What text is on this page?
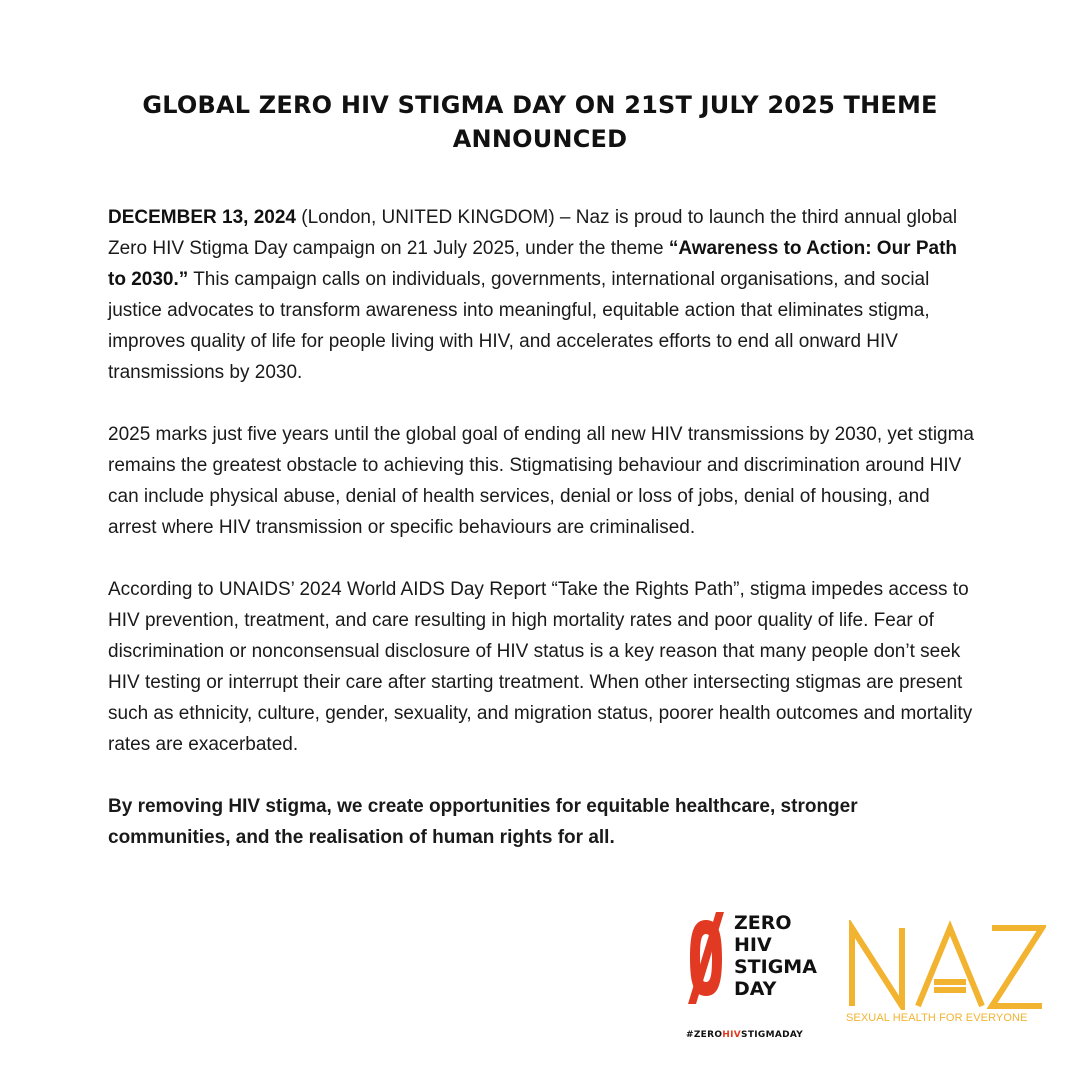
GLOBAL ZERO HIV STIGMA DAY ON 21ST JULY 2025 THEME ANNOUNCED

DECEMBER 13, 2024 (London, UNITED KINGDOM) – Naz is proud to launch the third annual global Zero HIV Stigma Day campaign on 21 July 2025, under the theme “Awareness to Action: Our Path to 2030.” This campaign calls on individuals, governments, international organisations, and social justice advocates to transform awareness into meaningful, equitable action that eliminates stigma, improves quality of life for people living with HIV, and accelerates efforts to end all onward HIV transmissions by 2030.

2025 marks just five years until the global goal of ending all new HIV transmissions by 2030, yet stigma remains the greatest obstacle to achieving this. Stigmatising behaviour and discrimination around HIV can include physical abuse, denial of health services, denial or loss of jobs, denial of housing, and arrest where HIV transmission or specific behaviours are criminalised.

According to UNAIDS’ 2024 World AIDS Day Report “Take the Rights Path”, stigma impedes access to HIV prevention, treatment, and care resulting in high mortality rates and poor quality of life. Fear of discrimination or nonconsensual disclosure of HIV status is a key reason that many people don’t seek HIV testing or interrupt their care after starting treatment. When other intersecting stigmas are present such as ethnicity, culture, gender, sexuality, and migration status, poorer health outcomes and mortality rates are exacerbated.

By removing HIV stigma, we create opportunities for equitable healthcare, stronger communities, and the realisation of human rights for all.

ZERO
HIV
STIGMA
DAY
#ZEROHIVSTIGMADAY
SEXUAL HEALTH FOR EVERYONE
